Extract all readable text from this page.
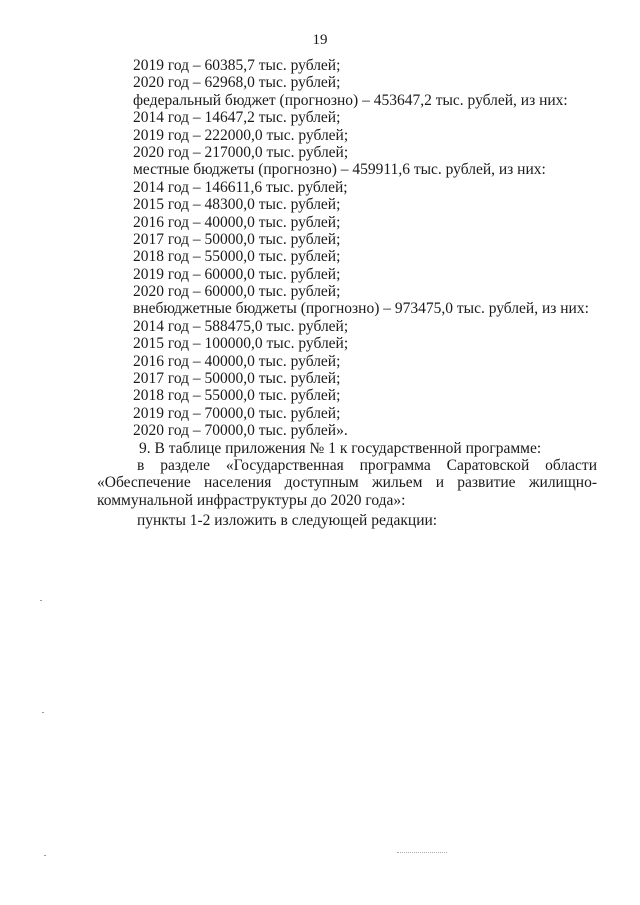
19
2019 год – 60385,7 тыс. рублей;
2020 год – 62968,0 тыс. рублей;
федеральный бюджет (прогнозно) – 453647,2 тыс. рублей, из них:
2014 год – 14647,2 тыс. рублей;
2019 год – 222000,0 тыс. рублей;
2020 год – 217000,0 тыс. рублей;
местные бюджеты (прогнозно) – 459911,6 тыс. рублей, из них:
2014 год – 146611,6 тыс. рублей;
2015 год – 48300,0 тыс. рублей;
2016 год – 40000,0 тыс. рублей;
2017 год – 50000,0 тыс. рублей;
2018 год – 55000,0 тыс. рублей;
2019 год – 60000,0 тыс. рублей;
2020 год – 60000,0 тыс. рублей;
внебюджетные бюджеты (прогнозно) – 973475,0 тыс. рублей, из них:
2014 год – 588475,0 тыс. рублей;
2015 год – 100000,0 тыс. рублей;
2016 год – 40000,0 тыс. рублей;
2017 год – 50000,0 тыс. рублей;
2018 год – 55000,0 тыс. рублей;
2019 год – 70000,0 тыс. рублей;
2020 год – 70000,0 тыс. рублей».
9. В таблице приложения № 1 к государственной программе:
в разделе «Государственная программа Саратовской области
«Обеспечение населения доступным жильем и развитие жилищно-
коммунальной инфраструктуры до 2020 года»:
пункты 1-2 изложить в следующей редакции:
